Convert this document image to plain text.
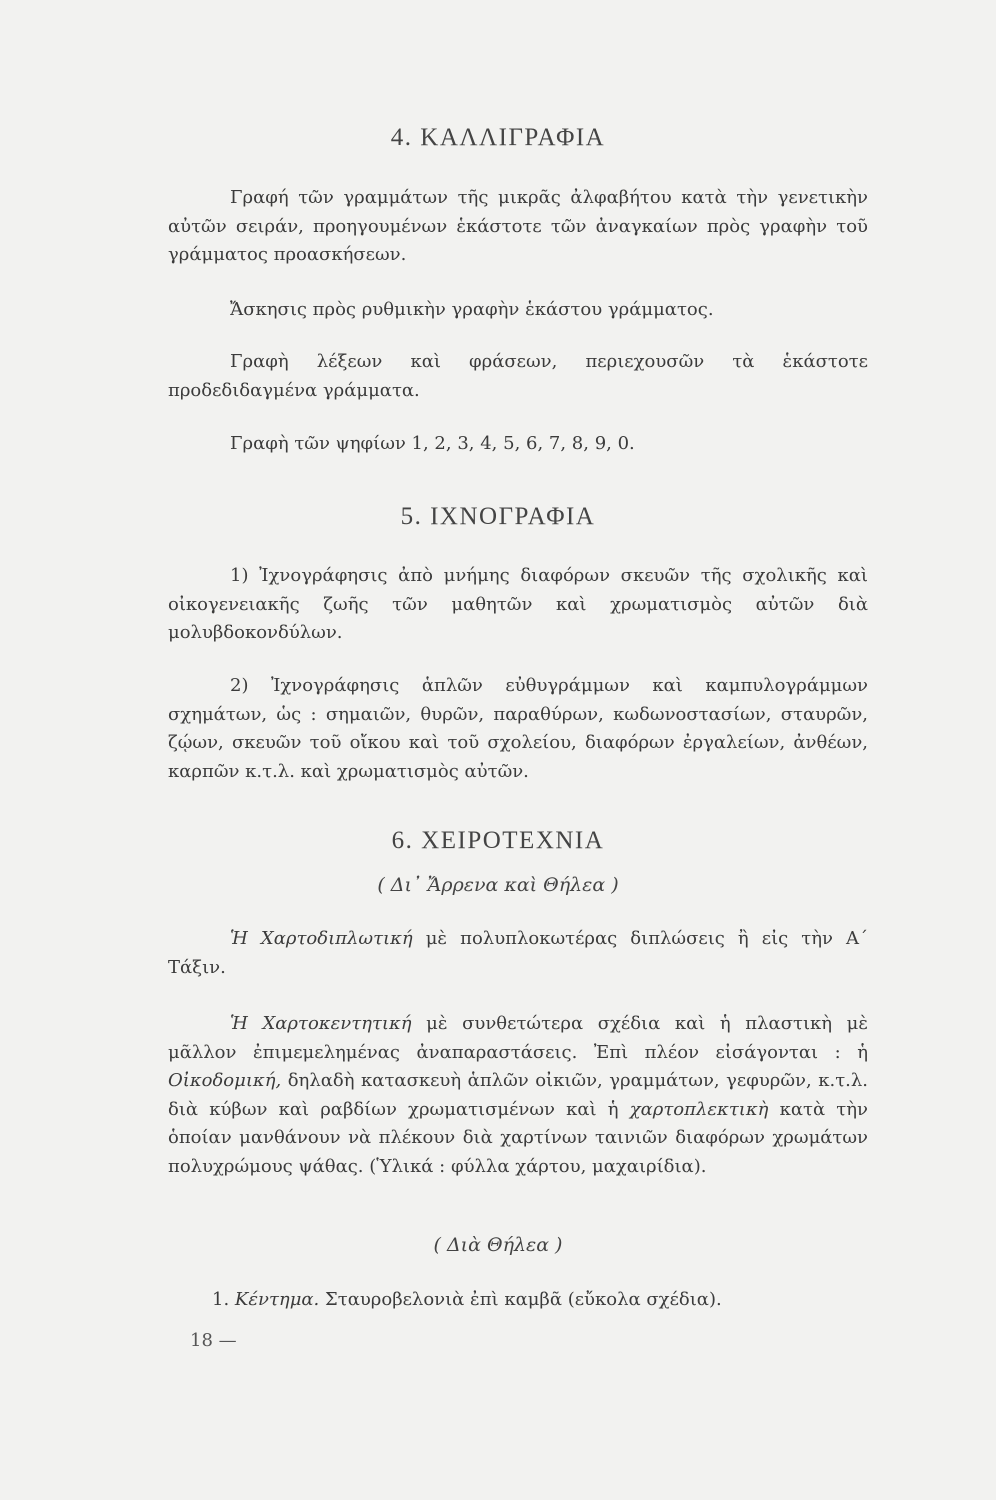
4. ΚΑΛΛΙΓΡΑΦΙΑ
Γραφή τῶν γραμμάτων τῆς μικρᾶς ἀλφαβήτου κατὰ τὴν γενετικὴν αὐτῶν σειράν, προηγουμένων ἑκάστοτε τῶν ἀναγκαίων πρὸς γραφὴν τοῦ γράμματος προασκήσεων.
Ἄσκησις πρὸς ρυθμικὴν γραφὴν ἑκάστου γράμματος.
Γραφὴ λέξεων καὶ φράσεων, περιεχουσῶν τὰ ἑκάστοτε προδεδιδαγμένα γράμματα.
Γραφὴ τῶν ψηφίων 1, 2, 3, 4, 5, 6, 7, 8, 9, 0.
5. ΙΧΝΟΓΡΑΦΙΑ
1) Ἰχνογράφησις ἀπὸ μνήμης διαφόρων σκευῶν τῆς σχολικῆς καὶ οἰκογενειακῆς ζωῆς τῶν μαθητῶν καὶ χρωματισμὸς αὐτῶν διὰ μολυβδοκονδύλων.
2) Ἰχνογράφησις ἁπλῶν εὐθυγράμμων καὶ καμπυλογράμμων σχημάτων, ὡς : σημαιῶν, θυρῶν, παραθύρων, κωδωνοστασίων, σταυρῶν, ζῴων, σκευῶν τοῦ οἴκου καὶ τοῦ σχολείου, διαφόρων ἐργαλείων, ἀνθέων, καρπῶν κ.τ.λ. καὶ χρωματισμὸς αὐτῶν.
6. ΧΕΙΡΟΤΕΧΝΙΑ
( Δι᾿ Ἄρρενα καὶ Θήλεα )
Ἡ Χαρτοδιπλωτική μὲ πολυπλοκωτέρας διπλώσεις ἢ εἰς τὴν Α΄ Τάξιν.
Ἡ Χαρτοκεντητική μὲ συνθετώτερα σχέδια καὶ ἡ πλαστικὴ μὲ μᾶλλον ἐπιμεμελημένας ἀναπαραστάσεις. Ἐπὶ πλέον εἰσάγονται : ἡ Οἰκοδομική, δηλαδὴ κατασκευὴ ἁπλῶν οἰκιῶν, γραμμάτων, γεφυρῶν, κ.τ.λ. διὰ κύβων καὶ ραβδίων χρωματισμένων καὶ ἡ χαρτοπλεκτικὴ κατὰ τὴν ὁποίαν μανθάνουν νὰ πλέκουν διὰ χαρτίνων ταινιῶν διαφόρων χρωμάτων πολυχρώμους ψάθας. (Ὑλικά : φύλλα χάρτου, μαχαιρίδια).
( Διὰ Θήλεα )
1. Κέντημα. Σταυροβελονιὰ ἐπὶ καμβᾶ (εὔκολα σχέδια).
18 —
